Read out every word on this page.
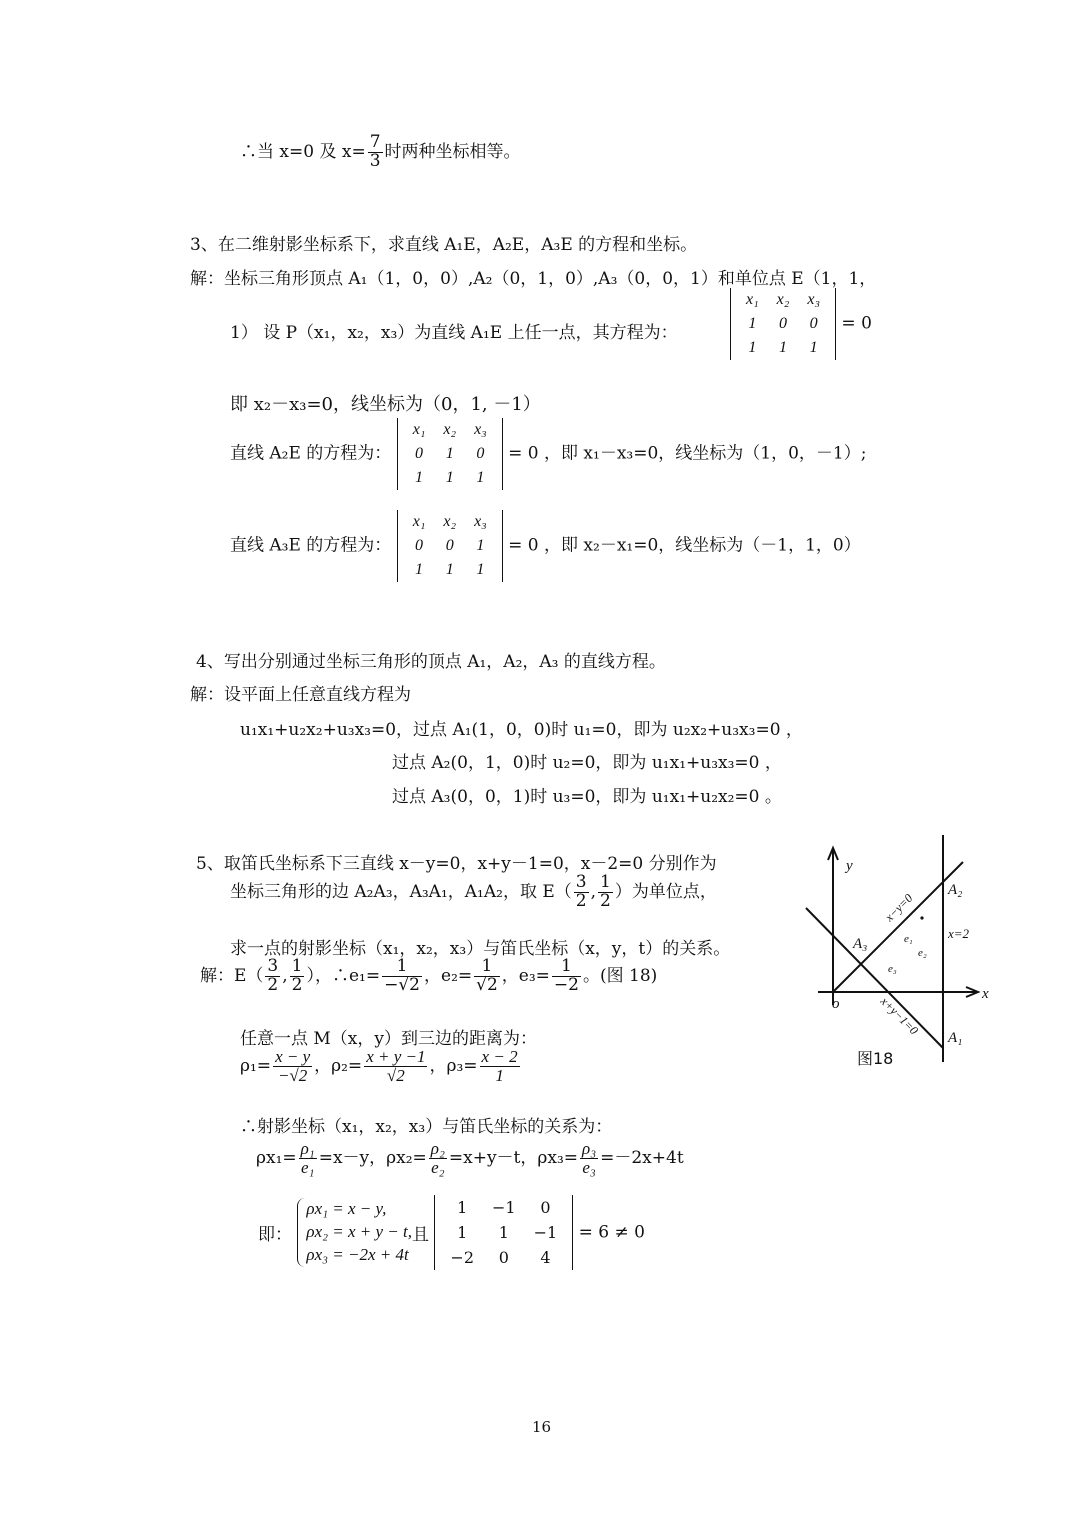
∴当 x=0 及 $x= \frac{7}{3}$ 时两种坐标相等。
3、在二维射影坐标系下，求直线 A₁E，A₂E，A₃E 的方程和坐标。
解：坐标三角形顶点 A₁（1，0，0）,A₂（0，1，0）,A₃（0，0，1）和单位点 E（1，1，
1） 设 P（x₁，x₂，x₃）为直线 A₁E 上任一点，其方程为：
x₁	x₂	x₃
1	0	0
1	1	1
= 0
即 x₂－x₃=0，线坐标为（0，1, －1）
直线 A₂E 的方程为：
x₁	x₂	x₃
0	1	0
1	1	1
= 0 ，即 x₁－x₃=0，线坐标为（1，0，－1）;
直线 A₃E 的方程为：
x₁	x₂	x₃
0	0	1
1	1	1
= 0 ，即 x₂－x₁=0，线坐标为（－1，1，0）
4、写出分别通过坐标三角形的顶点 A₁，A₂，A₃ 的直线方程。
解：设平面上任意直线方程为
u₁x₁+u₂x₂+u₃x₃=0，过点 A₁(1，0，0)时 u₁=0，即为 u₂x₂+u₃x₃=0 ，
过点 A₂(0，1，0)时 u₂=0，即为 u₁x₁+u₃x₃=0 ，
过点 A₃(0，0，1)时 u₃=0，即为 u₁x₁+u₂x₂=0 。
5、取笛氏坐标系下三直线 x－y=0，x+y－1=0，x－2=0 分别作为
坐标三角形的边 A₂A₃，A₃A₁，A₁A₂，取 $E( \frac{3}{2}$ , $\frac{1}{2}$ ）为单位点，
求一点的射影坐标（x₁，x₂，x₃）与笛氏坐标（x，y，t）的关系。
解：$E( \frac{3}{2}$ , $\frac{1}{2}$ ），∴e₁= $\frac{1}{-√2}$ ，$e_2= \frac{1}{√2}$ ，$e_3= \frac{1}{-2}$ 。(图 18)
任意一点 M（x，y）到三边的距离为：
$\rho_1= \frac{x - y}{-√2}$ ，$\rho_2= \frac{x + y -1}{√2}$ ，$\rho_3= \frac{x - 2}{1}$
∴射影坐标（x₁，x₂，x₃）与笛氏坐标的关系为：
$\rho x_1= \frac{\text{ρ₁}}{\text{e₁}} =x-y$，$\rho x_2= \frac{\text{ρ₂}}{\text{e₂}} =x+y-t$，$\rho x_3= \frac{\text{ρ₃}}{\text{e₃}} =-2x+4t$
即：
ρx₁ = x − y,
ρx₂ = x + y − t,
ρx₃ = −2x + 4t
且
1	−1	0
1	1	−1
−2	0	4
= 6 ≠ 0
y
x
o
A₃
A₂
A₁
e₁
e₂
e₃
x−y=0
x=2
x+y−1=0
图18
16
